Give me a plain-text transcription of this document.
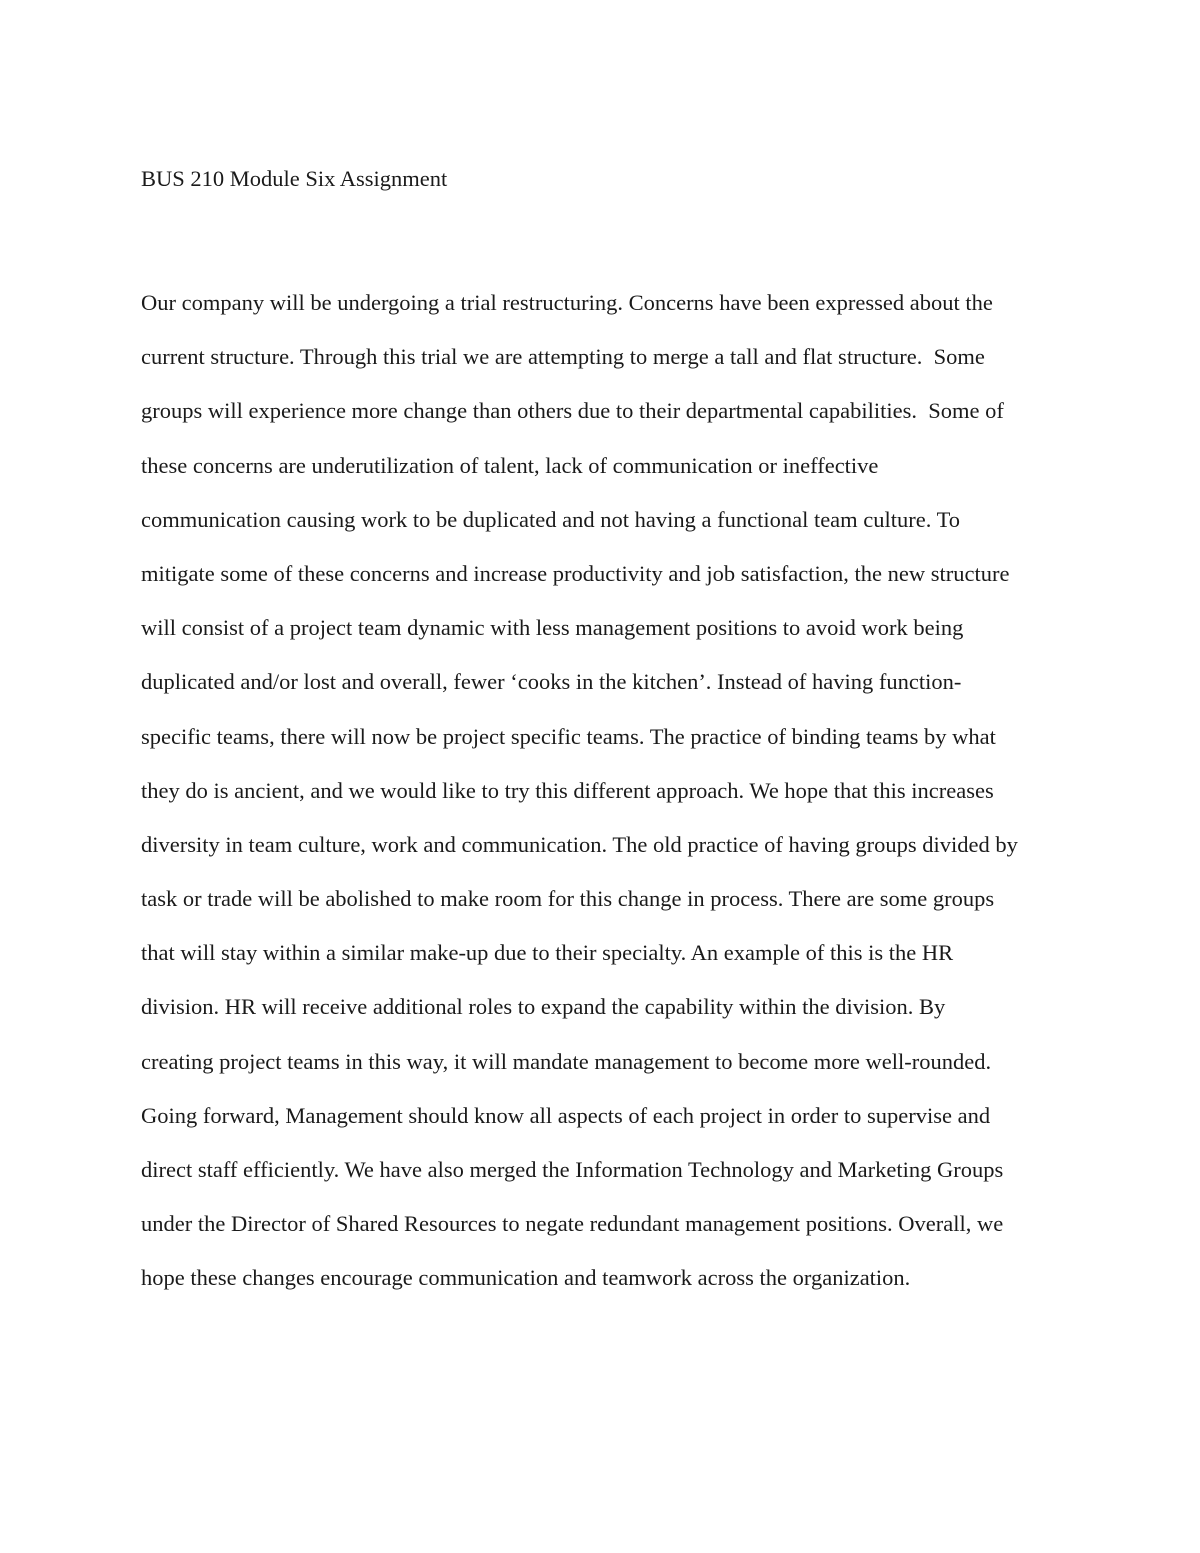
BUS 210 Module Six Assignment
Our company will be undergoing a trial restructuring. Concerns have been expressed about the
current structure. Through this trial we are attempting to merge a tall and flat structure.  Some
groups will experience more change than others due to their departmental capabilities.  Some of
these concerns are underutilization of talent, lack of communication or ineffective
communication causing work to be duplicated and not having a functional team culture. To
mitigate some of these concerns and increase productivity and job satisfaction, the new structure
will consist of a project team dynamic with less management positions to avoid work being
duplicated and/or lost and overall, fewer ‘cooks in the kitchen’. Instead of having function-
specific teams, there will now be project specific teams. The practice of binding teams by what
they do is ancient, and we would like to try this different approach. We hope that this increases
diversity in team culture, work and communication. The old practice of having groups divided by
task or trade will be abolished to make room for this change in process. There are some groups
that will stay within a similar make-up due to their specialty. An example of this is the HR
division. HR will receive additional roles to expand the capability within the division. By
creating project teams in this way, it will mandate management to become more well-rounded.
Going forward, Management should know all aspects of each project in order to supervise and
direct staff efficiently. We have also merged the Information Technology and Marketing Groups
under the Director of Shared Resources to negate redundant management positions. Overall, we
hope these changes encourage communication and teamwork across the organization.
